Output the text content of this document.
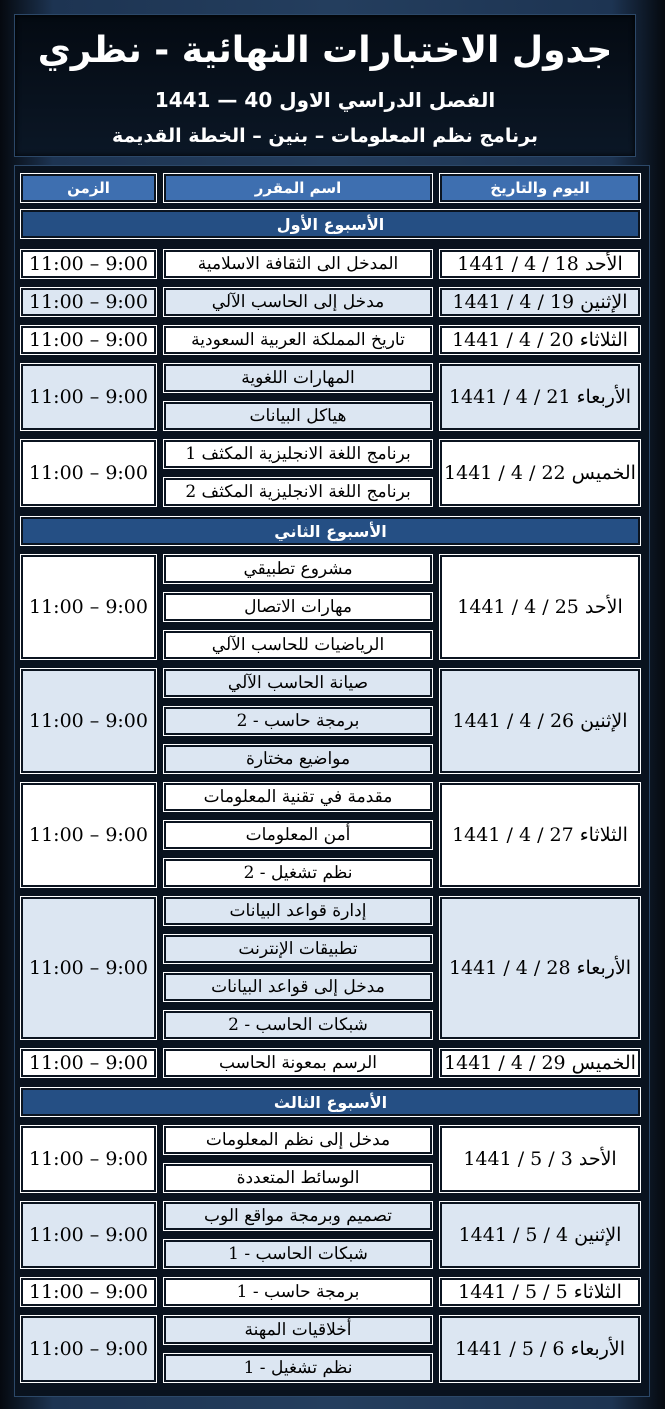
جدول الاختبارات النهائية - نظري
الفصل الدراسي الاول 40 — 1441
برنامج نظم المعلومات – بنين – الخطة القديمة
اليوم والتاريخ
اسم المقرر
الزمن
الأسبوع الأول
الأسبوع الثاني
الأسبوع الثالث
الأحد 18 / 4 / 1441
المدخل الى الثقافة الاسلامية
11:00 – 9:00
الإثنين 19 / 4 / 1441
مدخل إلى الحاسب الآلي
11:00 – 9:00
الثلاثاء 20 / 4 / 1441
تاريخ المملكة العربية السعودية
11:00 – 9:00
الأربعاء 21 / 4 / 1441
المهارات اللغوية
هياكل البيانات
11:00 – 9:00
الخميس 22 / 4 / 1441
برنامج اللغة الانجليزية المكثف 1
برنامج اللغة الانجليزية المكثف 2
11:00 – 9:00
الأحد 25 / 4 / 1441
مشروع تطبيقي
مهارات الاتصال
الرياضيات للحاسب الآلي
11:00 – 9:00
الإثنين 26 / 4 / 1441
صيانة الحاسب الآلي
برمجة حاسب - 2
مواضيع مختارة
11:00 – 9:00
الثلاثاء 27 / 4 / 1441
مقدمة في تقنية المعلومات
أمن المعلومات
نظم تشغيل - 2
11:00 – 9:00
الأربعاء 28 / 4 / 1441
إدارة قواعد البيانات
تطبيقات الإنترنت
مدخل إلى قواعد البيانات
شبكات الحاسب - 2
11:00 – 9:00
الخميس 29 / 4 / 1441
الرسم بمعونة الحاسب
11:00 – 9:00
الأحد 3 / 5 / 1441
مدخل إلى نظم المعلومات
الوسائط المتعددة
11:00 – 9:00
الإثنين 4 / 5 / 1441
تصميم وبرمجة مواقع الوب
شبكات الحاسب - 1
11:00 – 9:00
الثلاثاء 5 / 5 / 1441
برمجة حاسب - 1
11:00 – 9:00
الأربعاء 6 / 5 / 1441
أخلاقيات المهنة
نظم تشغيل - 1
11:00 – 9:00
